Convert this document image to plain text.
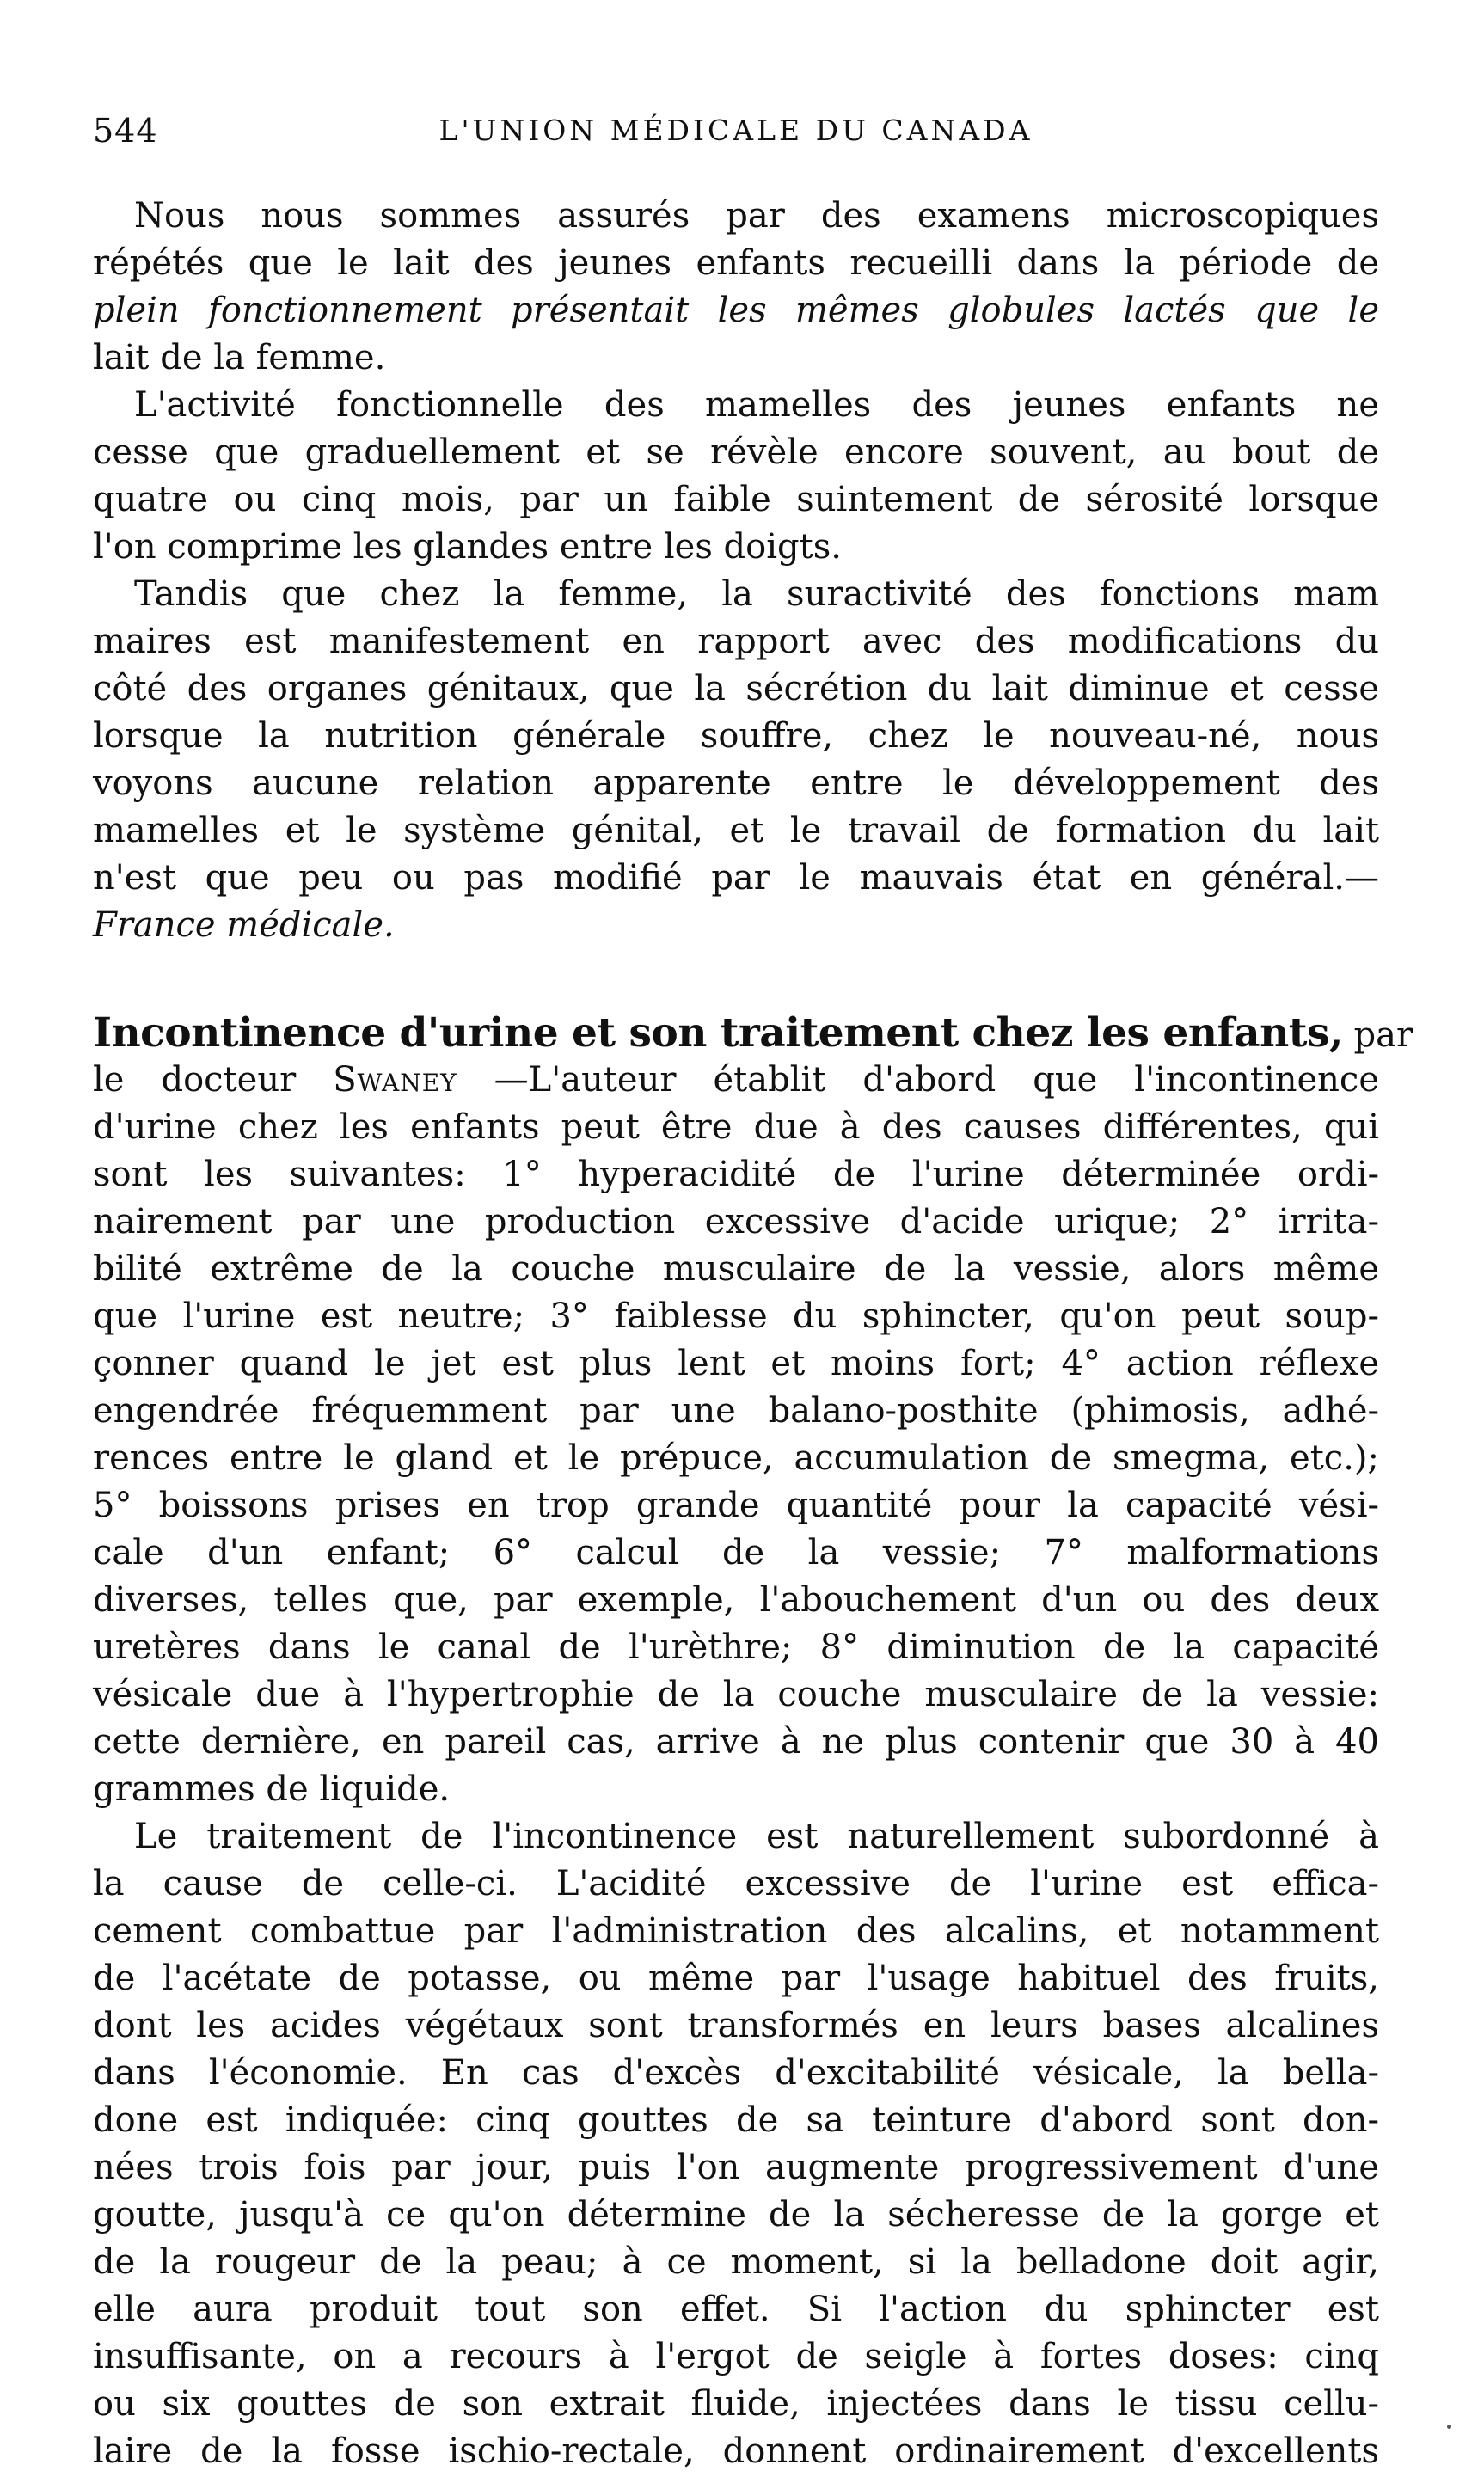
544	L'UNION MÉDICALE DU CANADA
Nous nous sommes assurés par des examens microscopiques
répétés que le lait des jeunes enfants recueilli dans la période de
plein fonctionnement présentait les mêmes globules lactés que le
lait de la femme.
L'activité fonctionnelle des mamelles des jeunes enfants ne
cesse que graduellement et se révèle encore souvent, au bout de
quatre ou cinq mois, par un faible suintement de sérosité lorsque
l'on comprime les glandes entre les doigts.
Tandis que chez la femme, la suractivité des fonctions mam
maires est manifestement en rapport avec des modifications du
côté des organes génitaux, que la sécrétion du lait diminue et cesse
lorsque la nutrition générale souffre, chez le nouveau-né, nous
voyons aucune relation apparente entre le développement des
mamelles et le système génital, et le travail de formation du lait
n'est que peu ou pas modifié par le mauvais état en général.—
France médicale.
Incontinence d'urine et son traitement chez les enfants, par
le docteur Swaney —L'auteur établit d'abord que l'incontinence
d'urine chez les enfants peut être due à des causes différentes, qui
sont les suivantes: 1° hyperacidité de l'urine déterminée ordi-
nairement par une production excessive d'acide urique; 2° irrita-
bilité extrême de la couche musculaire de la vessie, alors même
que l'urine est neutre; 3° faiblesse du sphincter, qu'on peut soup-
çonner quand le jet est plus lent et moins fort; 4° action réflexe
engendrée fréquemment par une balano-posthite (phimosis, adhé-
rences entre le gland et le prépuce, accumulation de smegma, etc.);
5° boissons prises en trop grande quantité pour la capacité vési-
cale d'un enfant; 6° calcul de la vessie; 7° malformations
diverses, telles que, par exemple, l'abouchement d'un ou des deux
uretères dans le canal de l'urèthre; 8° diminution de la capacité
vésicale due à l'hypertrophie de la couche musculaire de la vessie:
cette dernière, en pareil cas, arrive à ne plus contenir que 30 à 40
grammes de liquide.
Le traitement de l'incontinence est naturellement subordonné à
la cause de celle-ci. L'acidité excessive de l'urine est effica-
cement combattue par l'administration des alcalins, et notamment
de l'acétate de potasse, ou même par l'usage habituel des fruits,
dont les acides végétaux sont transformés en leurs bases alcalines
dans l'économie. En cas d'excès d'excitabilité vésicale, la bella-
done est indiquée: cinq gouttes de sa teinture d'abord sont don-
nées trois fois par jour, puis l'on augmente progressivement d'une
goutte, jusqu'à ce qu'on détermine de la sécheresse de la gorge et
de la rougeur de la peau; à ce moment, si la belladone doit agir,
elle aura produit tout son effet. Si l'action du sphincter est
insuffisante, on a recours à l'ergot de seigle à fortes doses: cinq
ou six gouttes de son extrait fluide, injectées dans le tissu cellu-
laire de la fosse ischio-rectale, donnent ordinairement d'excellents
